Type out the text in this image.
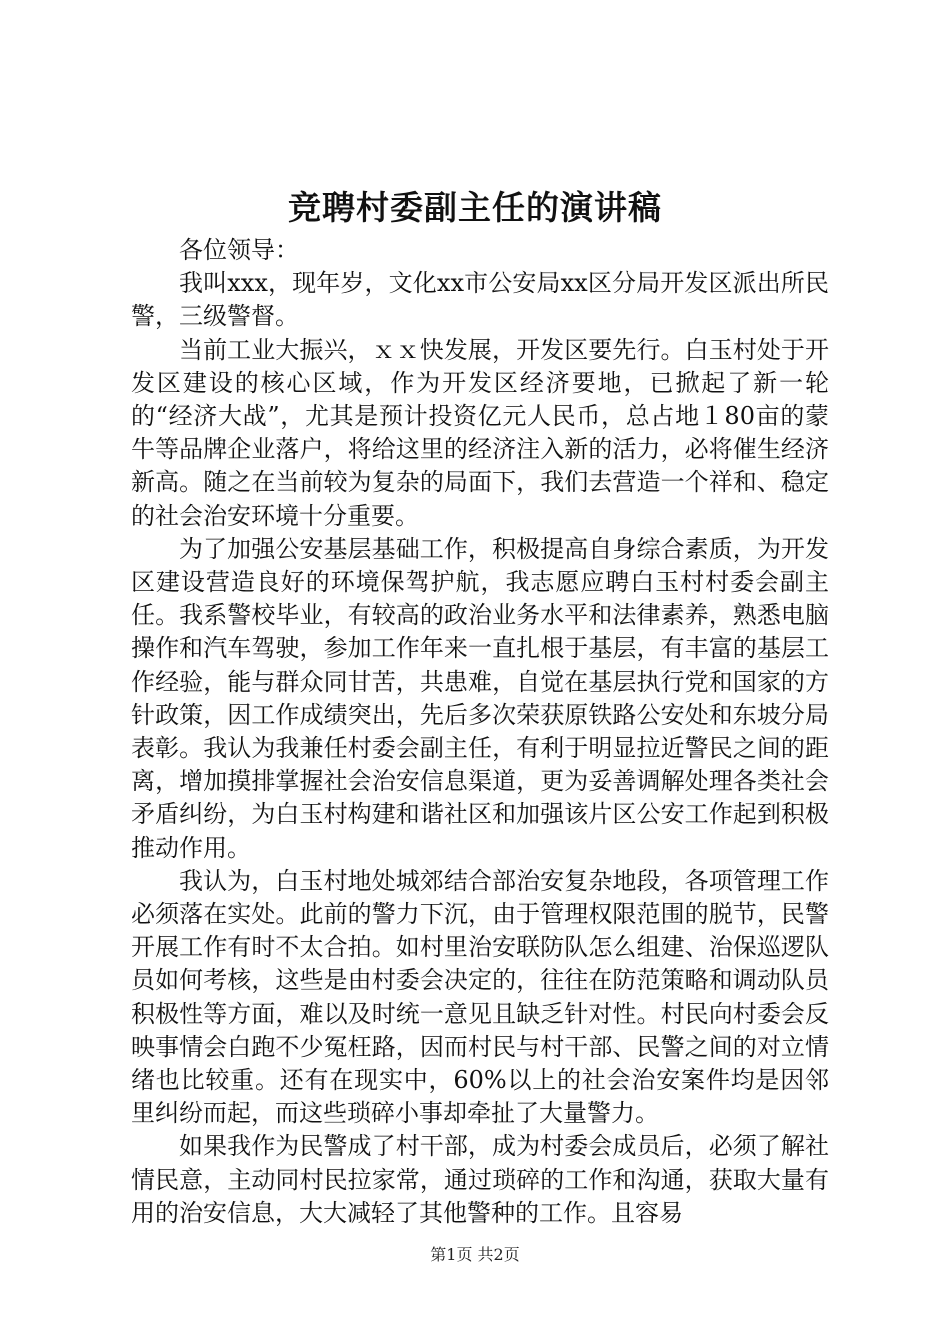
竞聘村委副主任的演讲稿

各位领导：

我叫xxx，现年岁，文化xx市公安局xx区分局开发区派出所民警，三级警督。

当前工业大振兴，ｘｘ快发展，开发区要先行。白玉村处于开发区建设的核心区域，作为开发区经济要地，已掀起了新一轮的“经济大战”，尤其是预计投资亿元人民币，总占地１80亩的蒙牛等品牌企业落户，将给这里的经济注入新的活力，必将催生经济新高。随之在当前较为复杂的局面下，我们去营造一个祥和、稳定的社会治安环境十分重要。

为了加强公安基层基础工作，积极提高自身综合素质，为开发区建设营造良好的环境保驾护航，我志愿应聘白玉村村委会副主任。我系警校毕业，有较高的政治业务水平和法律素养，熟悉电脑操作和汽车驾驶，参加工作年来一直扎根于基层，有丰富的基层工作经验，能与群众同甘苦，共患难，自觉在基层执行党和国家的方针政策，因工作成绩突出，先后多次荣获原铁路公安处和东坡分局表彰。我认为我兼任村委会副主任，有利于明显拉近警民之间的距离，增加摸排掌握社会治安信息渠道，更为妥善调解处理各类社会矛盾纠纷，为白玉村构建和谐社区和加强该片区公安工作起到积极推动作用。

我认为，白玉村地处城郊结合部治安复杂地段，各项管理工作必须落在实处。此前的警力下沉，由于管理权限范围的脱节，民警开展工作有时不太合拍。如村里治安联防队怎么组建、治保巡逻队员如何考核，这些是由村委会决定的，往往在防范策略和调动队员积极性等方面，难以及时统一意见且缺乏针对性。村民向村委会反映事情会白跑不少冤枉路，因而村民与村干部、民警之间的对立情绪也比较重。还有在现实中，60%以上的社会治安案件均是因邻里纠纷而起，而这些琐碎小事却牵扯了大量警力。

如果我作为民警成了村干部，成为村委会成员后，必须了解社情民意，主动同村民拉家常，通过琐碎的工作和沟通，获取大量有用的治安信息，大大减轻了其他警种的工作。且容易

第1页 共2页
